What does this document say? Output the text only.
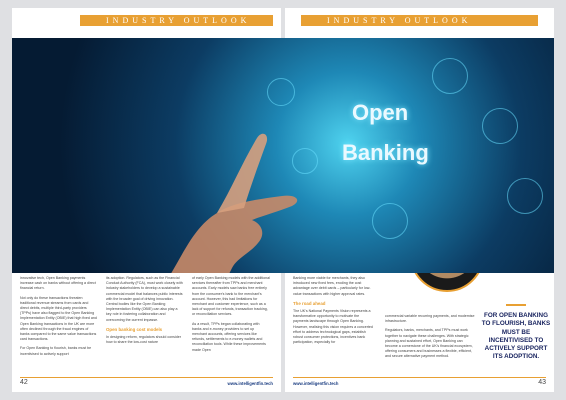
INDUSTRY OUTLOOK

innovative tech, Open Banking payments increase cash on banks without offering a direct financial return.

Not only do these transactions threaten traditional revenue streams from cards and direct debits, multiple third-party providers (TPPs) have also flagged to the Open Banking Implementation Entity (OBIE) that high fixed and Open Banking transactions in the UK are more often declined through the fraud engines of banks compared to the same value transactions card transactions.

For Open Banking to flourish, banks must be incentivised to actively support

its adoption. Regulators, such as the Financial Conduct Authority (FCA), must work closely with industry stakeholders to develop a sustainable commercial model that balances public interests with the broader goal of driving innovation. Central bodies like the Open Banking Implementation Entity (OBIE) can also play a key role in fostering collaboration and overcoming the current impasse.

Open banking cost models

In designing reform, regulators should consider how to share the low-cost nature

of early Open Banking models with the additional services thereafter from TPPs and merchant accounts. Early models saw banks free entirely from the consumer's bank to the merchant's account. However, this had limitations for merchant and customer experience, such as a lack of support for refunds, transaction tracking, or reconciliation services.

As a result, TPPs began collaborating with banks and e-money providers to set up merchant accounts, offering services like refunds, settlements to e-money wallets and reconciliation tools. While these improvements made Open

42	www.intelligentfin.tech
INDUSTRY OUTLOOK

Banking more viable for merchants, they also introduced new fixed fees, eroding the cost advantage over debit cards – particularly for low-value transactions with higher approval rates.

The road ahead

The UK's National Payments Vision represents a transformative opportunity to motivate the payments landscape through Open Banking. However, realising this vision requires a concerted effort to address technological gaps, establish robust consumer protections, incentives bank participation, especially for

commercial variable recurring payments, and modernise infrastructure.

Regulators, banks, merchants, and TPPs must work together to navigate these challenges. With strategic planning and sustained effort, Open Banking can become a cornerstone of the UK's financial ecosystem, offering consumers and businesses a flexible, efficient, and secure alternative payment method.

FOR OPEN BANKING TO FLOURISH, BANKS MUST BE INCENTIVISED TO ACTIVELY SUPPORT ITS ADOPTION.
www.intelligentfin.tech	43
Open
Banking
